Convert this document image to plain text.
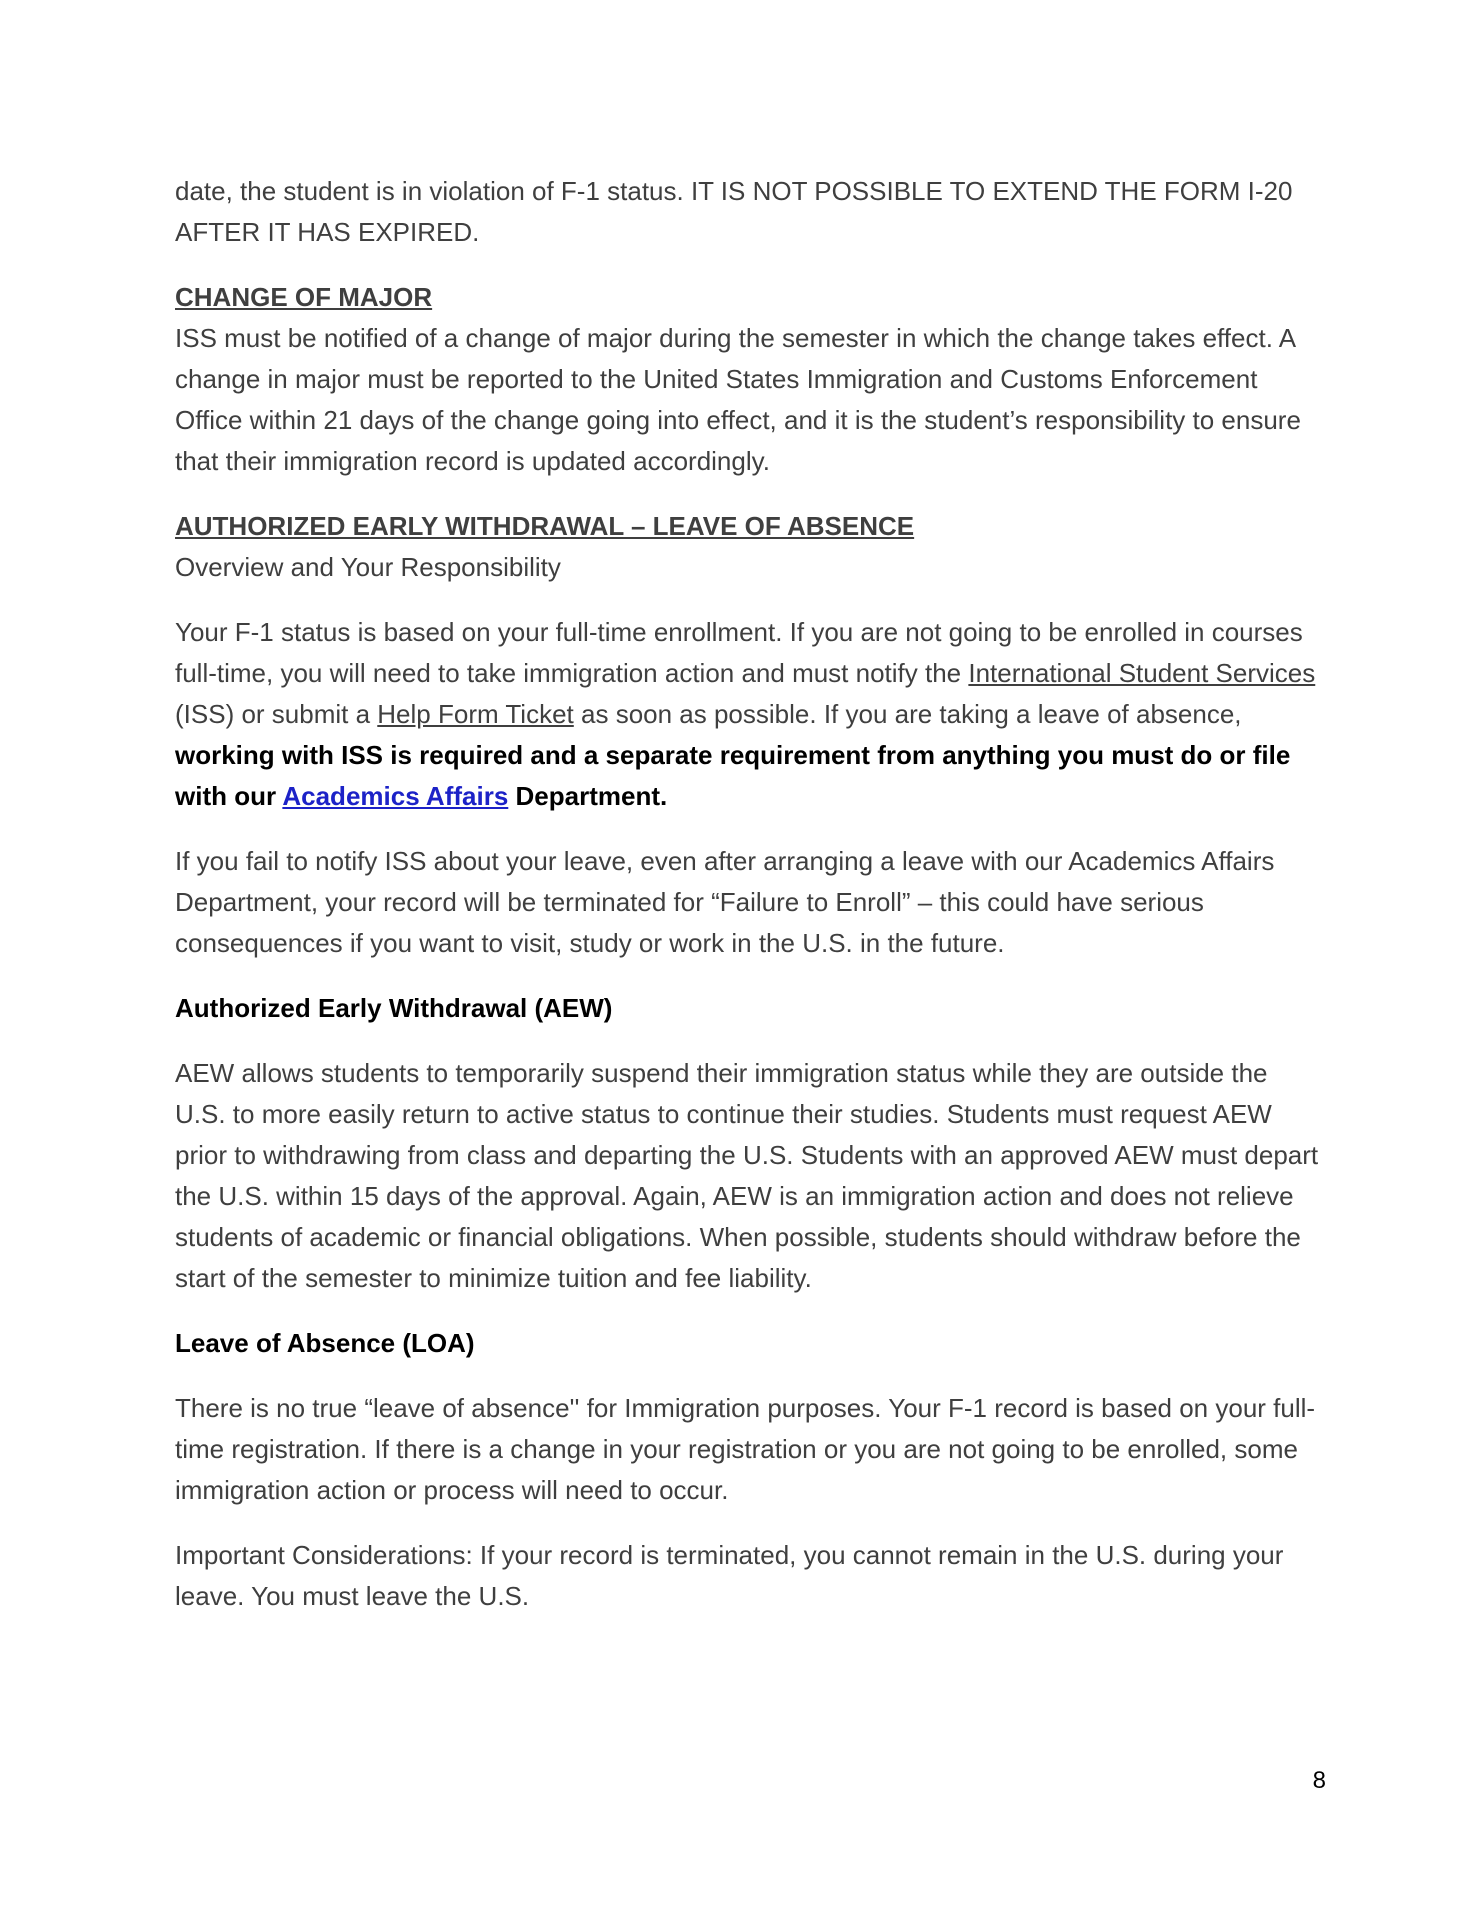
date, the student is in violation of F-1 status. IT IS NOT POSSIBLE TO EXTEND THE FORM I-20 AFTER IT HAS EXPIRED.

CHANGE OF MAJOR
ISS must be notified of a change of major during the semester in which the change takes effect. A change in major must be reported to the United States Immigration and Customs Enforcement Office within 21 days of the change going into effect, and it is the student’s responsibility to ensure that their immigration record is updated accordingly.

AUTHORIZED EARLY WITHDRAWAL – LEAVE OF ABSENCE
Overview and Your Responsibility

Your F-1 status is based on your full-time enrollment. If you are not going to be enrolled in courses full-time, you will need to take immigration action and must notify the International Student Services (ISS) or submit a Help Form Ticket as soon as possible. If you are taking a leave of absence, working with ISS is required and a separate requirement from anything you must do or file with our Academics Affairs Department.

If you fail to notify ISS about your leave, even after arranging a leave with our Academics Affairs Department, your record will be terminated for “Failure to Enroll” – this could have serious consequences if you want to visit, study or work in the U.S. in the future.

Authorized Early Withdrawal (AEW)

AEW allows students to temporarily suspend their immigration status while they are outside the U.S. to more easily return to active status to continue their studies. Students must request AEW prior to withdrawing from class and departing the U.S. Students with an approved AEW must depart the U.S. within 15 days of the approval. Again, AEW is an immigration action and does not relieve students of academic or financial obligations. When possible, students should withdraw before the start of the semester to minimize tuition and fee liability.

Leave of Absence (LOA)

There is no true “leave of absence'' for Immigration purposes. Your F-1 record is based on your full-time registration. If there is a change in your registration or you are not going to be enrolled, some immigration action or process will need to occur.

Important Considerations: If your record is terminated, you cannot remain in the U.S. during your leave. You must leave the U.S.

8
